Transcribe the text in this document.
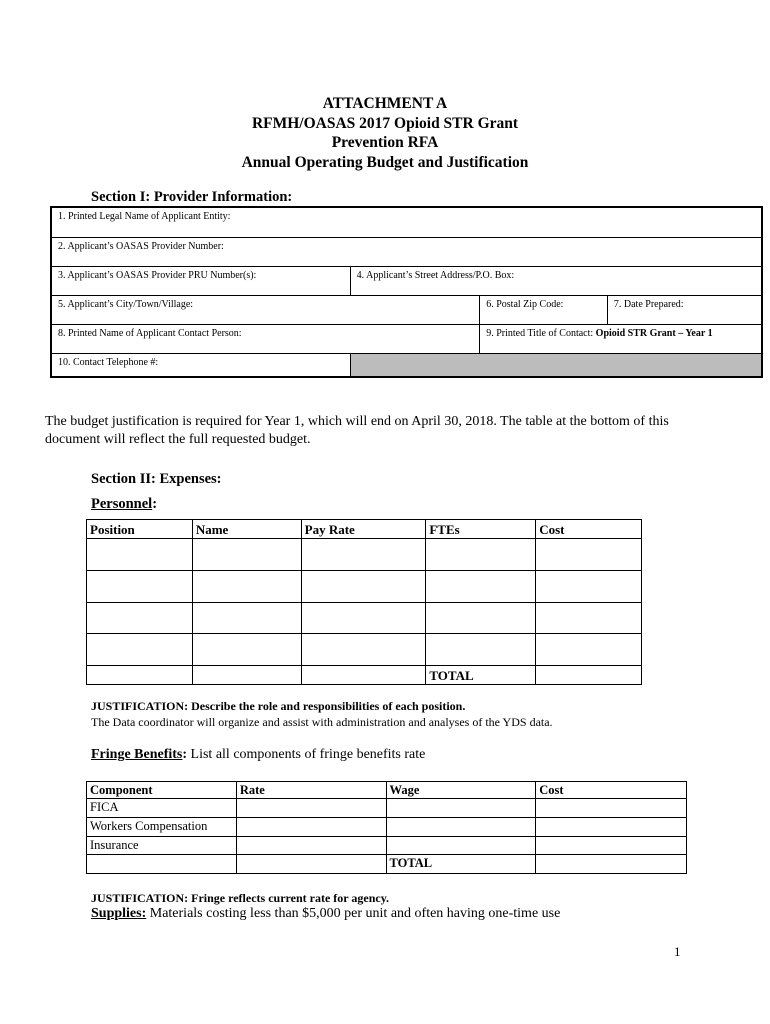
ATTACHMENT A
RFMH/OASAS 2017 Opioid STR Grant
Prevention RFA
Annual Operating Budget and Justification
Section I: Provider Information:
1. Printed Legal Name of Applicant Entity:			

2. Applicant’s OASAS Provider Number:			

3. Applicant’s OASAS Provider PRU Number(s):	4. Applicant’s Street Address/P.O. Box:		

5. Applicant’s City/Town/Village:		6. Postal Zip Code:	7. Date Prepared:

8. Printed Name of Applicant Contact Person:		9. Printed Title of Contact: Opioid STR Grant – Year 1	

10. Contact Telephone #:			

The budget justification is required for Year 1, which will end on April 30, 2018. The table at the bottom of this
document will reflect the full requested budget.
Section II: Expenses:
Personnel:
Position	Name	Pay Rate	FTEs	Cost

			TOTAL	
JUSTIFICATION: Describe the role and responsibilities of each position.
The Data coordinator will organize and assist with administration and analyses of the YDS data.
Fringe Benefits: List all components of fringe benefits rate
Component	Rate	Wage	Cost
FICA			
Workers Compensation			
Insurance			
		TOTAL	
JUSTIFICATION: Fringe reflects current rate for agency.
Supplies: Materials costing less than $5,000 per unit and often having one-time use
1
